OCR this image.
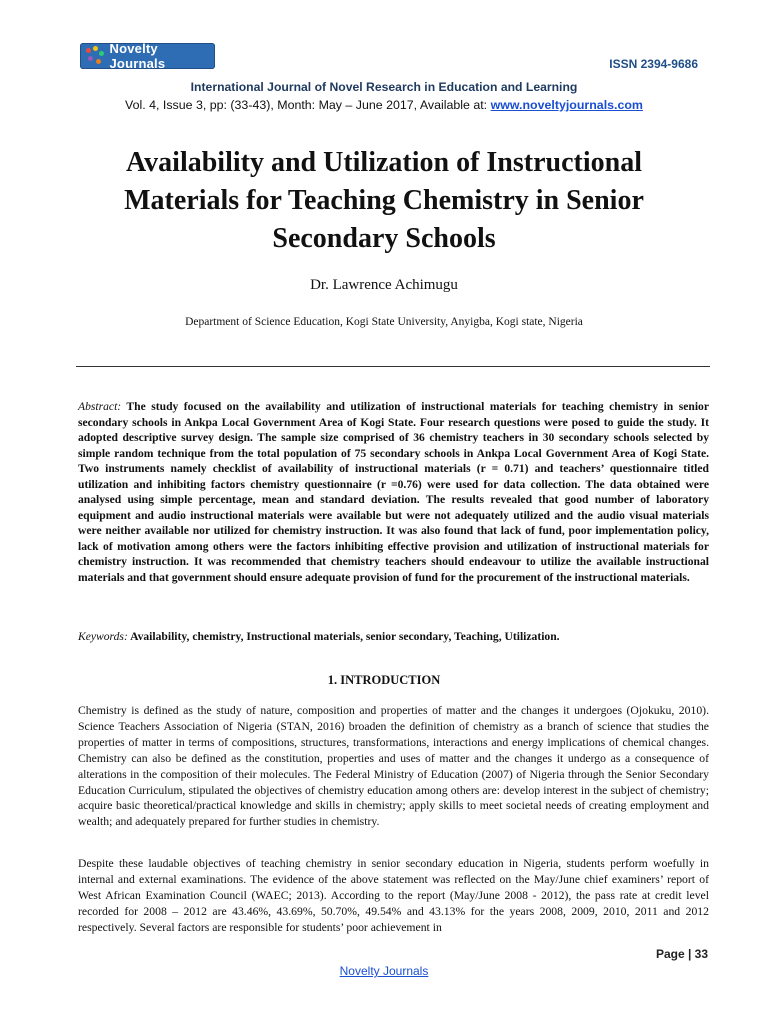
Novelty Journals	ISSN 2394-9686
International Journal of Novel Research in Education and Learning
Vol. 4, Issue 3, pp: (33-43), Month: May – June 2017, Available at: www.noveltyjournals.com
Availability and Utilization of Instructional Materials for Teaching Chemistry in Senior Secondary Schools
Dr. Lawrence Achimugu
Department of Science Education, Kogi State University, Anyigba, Kogi state, Nigeria
Abstract: The study focused on the availability and utilization of instructional materials for teaching chemistry in senior secondary schools in Ankpa Local Government Area of Kogi State. Four research questions were posed to guide the study. It adopted descriptive survey design. The sample size comprised of 36 chemistry teachers in 30 secondary schools selected by simple random technique from the total population of 75 secondary schools in Ankpa Local Government Area of Kogi State. Two instruments namely checklist of availability of instructional materials (r = 0.71) and teachers’ questionnaire titled utilization and inhibiting factors chemistry questionnaire (r =0.76) were used for data collection. The data obtained were analysed using simple percentage, mean and standard deviation. The results revealed that good number of laboratory equipment and audio instructional materials were available but were not adequately utilized and the audio visual materials were neither available nor utilized for chemistry instruction. It was also found that lack of fund, poor implementation policy, lack of motivation among others were the factors inhibiting effective provision and utilization of instructional materials for chemistry instruction. It was recommended that chemistry teachers should endeavour to utilize the available instructional materials and that government should ensure adequate provision of fund for the procurement of the instructional materials.
Keywords: Availability, chemistry, Instructional materials, senior secondary, Teaching, Utilization.
1. INTRODUCTION
Chemistry is defined as the study of nature, composition and properties of matter and the changes it undergoes (Ojokuku, 2010). Science Teachers Association of Nigeria (STAN, 2016) broaden the definition of chemistry as a branch of science that studies the properties of matter in terms of compositions, structures, transformations, interactions and energy implications of chemical changes. Chemistry can also be defined as the constitution, properties and uses of matter and the changes it undergo as a consequence of alterations in the composition of their molecules. The Federal Ministry of Education (2007) of Nigeria through the Senior Secondary Education Curriculum, stipulated the objectives of chemistry education among others are: develop interest in the subject of chemistry; acquire basic theoretical/practical knowledge and skills in chemistry; apply skills to meet societal needs of creating employment and wealth; and adequately prepared for further studies in chemistry.
Despite these laudable objectives of teaching chemistry in senior secondary education in Nigeria, students perform woefully in internal and external examinations. The evidence of the above statement was reflected on the May/June chief examiners’ report of West African Examination Council (WAEC; 2013). According to the report (May/June 2008 - 2012), the pass rate at credit level recorded for 2008 – 2012 are 43.46%, 43.69%, 50.70%, 49.54% and 43.13% for the years 2008, 2009, 2010, 2011 and 2012 respectively. Several factors are responsible for students’ poor achievement in
Page | 33
Novelty Journals
